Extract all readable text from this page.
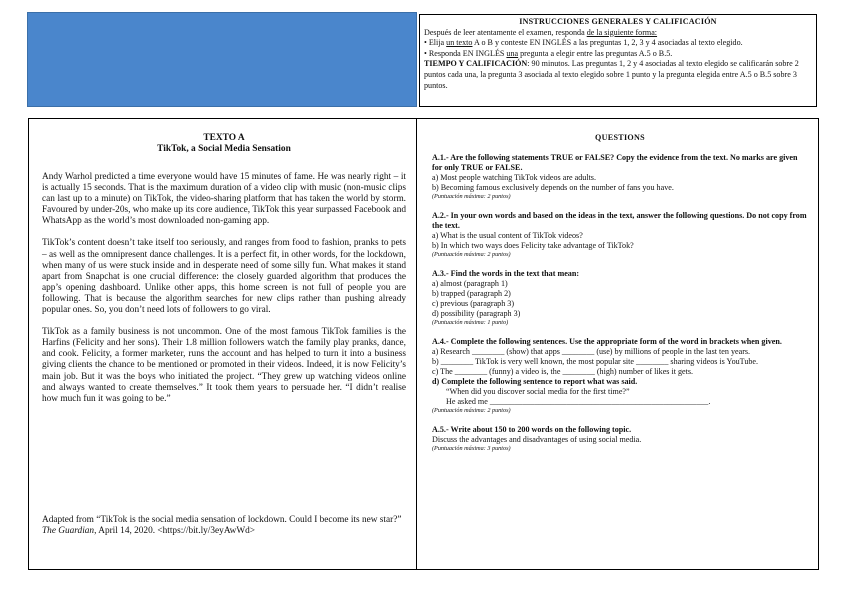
INSTRUCCIONES GENERALES Y CALIFICACIÓN

Después de leer atentamente el examen, responda de la siguiente forma:

• Elija un texto A o B y conteste EN INGLÉS a las preguntas 1, 2, 3 y 4 asociadas al texto elegido.

• Responda EN INGLÉS una pregunta a elegir entre las preguntas A.5 o B.5.

TIEMPO Y CALIFICACIÓN: 90 minutos. Las preguntas 1, 2 y 4 asociadas al texto elegido se calificarán sobre 2 puntos cada una, la pregunta 3 asociada al texto elegido sobre 1 punto y la pregunta elegida entre A.5 o B.5 sobre 3 puntos.

TEXTO A
TikTok, a Social Media Sensation

Andy Warhol predicted a time everyone would have 15 minutes of fame. He was nearly right – it is actually 15 seconds. That is the maximum duration of a video clip with music (non-music clips can last up to a minute) on TikTok, the video-sharing platform that has taken the world by storm. Favoured by under-20s, who make up its core audience, TikTok this year surpassed Facebook and WhatsApp as the world’s most downloaded non-gaming app.

TikTok’s content doesn’t take itself too seriously, and ranges from food to fashion, pranks to pets – as well as the omnipresent dance challenges. It is a perfect fit, in other words, for the lockdown, when many of us were stuck inside and in desperate need of some silly fun. What makes it stand apart from Snapchat is one crucial difference: the closely guarded algorithm that produces the app’s opening dashboard. Unlike other apps, this home screen is not full of people you are following. That is because the algorithm searches for new clips rather than pushing already popular ones. So, you don’t need lots of followers to go viral.

TikTok as a family business is not uncommon. One of the most famous TikTok families is the Harfins (Felicity and her sons). Their 1.8 million followers watch the family play pranks, dance, and cook. Felicity, a former marketer, runs the account and has helped to turn it into a business giving clients the chance to be mentioned or promoted in their videos. Indeed, it is now Felicity’s main job. But it was the boys who initiated the project. “They grew up watching videos online and always wanted to create themselves.” It took them years to persuade her. “I didn’t realise how much fun it was going to be.”

Adapted from “TikTok is the social media sensation of lockdown. Could I become its new star?” The Guardian, April 14, 2020. <https://bit.ly/3eyAwWd>
QUESTIONS
A.1.- Are the following statements TRUE or FALSE? Copy the evidence from the text. No marks are given for only TRUE or FALSE.
a) Most people watching TikTok videos are adults.
b) Becoming famous exclusively depends on the number of fans you have.
(Puntuación máxima: 2 puntos)
A.2.- In your own words and based on the ideas in the text, answer the following questions. Do not copy from the text.
a) What is the usual content of TikTok videos?
b) In which two ways does Felicity take advantage of TikTok?
(Puntuación máxima: 2 puntos)
A.3.- Find the words in the text that mean:
a) almost (paragraph 1)
b) trapped (paragraph 2)
c) previous (paragraph 3)
d) possibility (paragraph 3)
(Puntuación máxima: 1 punto)
A.4.- Complete the following sentences. Use the appropriate form of the word in brackets when given.
a) Research ________ (show) that apps ________ (use) by millions of people in the last ten years.
b) ________ TikTok is very well known, the most popular site ________ sharing videos is YouTube.
c) The ________ (funny) a video is, the ________ (high) number of likes it gets.
d) Complete the following sentence to report what was said.
“When did you discover social media for the first time?”
He asked me ______________________________________________________.
(Puntuación máxima: 2 puntos)
A.5.- Write about 150 to 200 words on the following topic.
Discuss the advantages and disadvantages of using social media.
(Puntuación máxima: 3 puntos)
